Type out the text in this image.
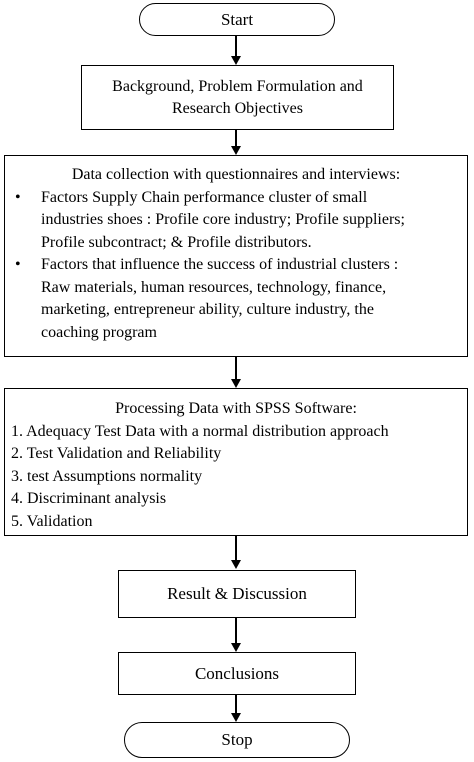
Start
Background, Problem Formulation and
Research Objectives
Data collection with questionnaires and interviews:
• Factors Supply Chain performance cluster of small
industries shoes : Profile core industry; Profile suppliers;
Profile subcontract; & Profile distributors.
• Factors that influence the success of industrial clusters :
Raw materials, human resources, technology, finance,
marketing, entrepreneur ability, culture industry, the
coaching program
Processing Data with SPSS Software:
1. Adequacy Test Data with a normal distribution approach
2. Test Validation and Reliability
3. test Assumptions normality
4. Discriminant analysis
5. Validation
Result & Discussion
Conclusions
Stop
